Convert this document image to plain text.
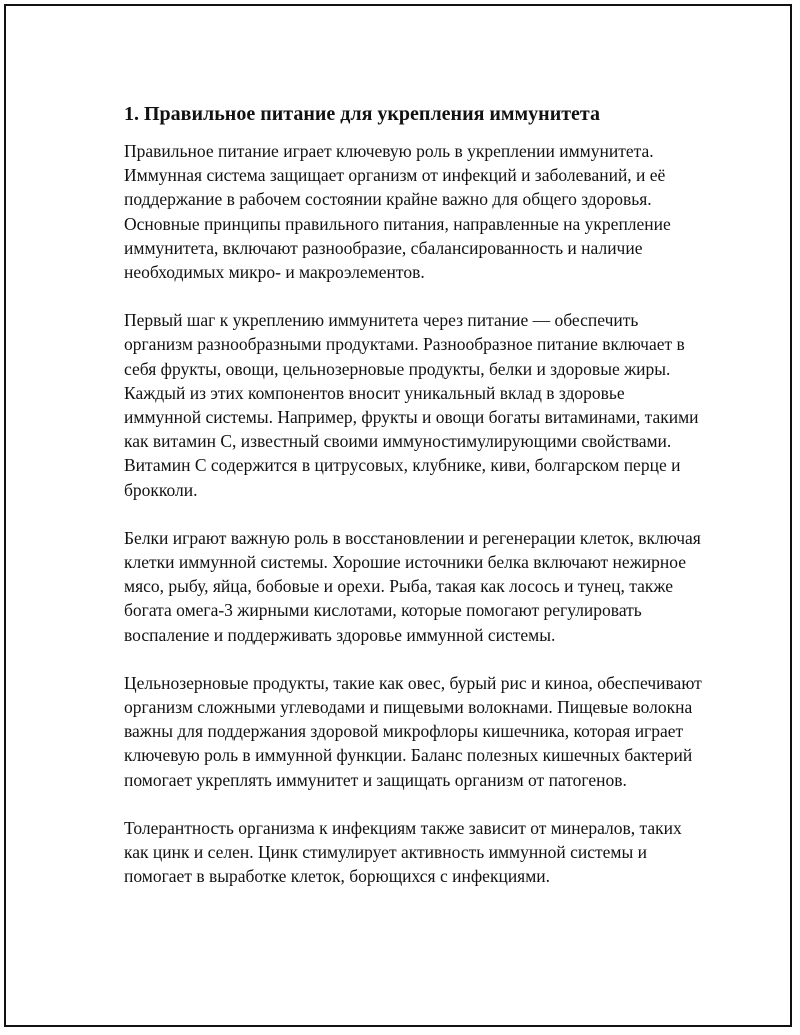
1. Правильное питание для укрепления иммунитета

Правильное питание играет ключевую роль в укреплении иммунитета. Иммунная система защищает организм от инфекций и заболеваний, и её поддержание в рабочем состоянии крайне важно для общего здоровья. Основные принципы правильного питания, направленные на укрепление иммунитета, включают разнообразие, сбалансированность и наличие необходимых микро- и макроэлементов.

Первый шаг к укреплению иммунитета через питание — обеспечить организм разнообразными продуктами. Разнообразное питание включает в себя фрукты, овощи, цельнозерновые продукты, белки и здоровые жиры. Каждый из этих компонентов вносит уникальный вклад в здоровье иммунной системы. Например, фрукты и овощи богаты витаминами, такими как витамин C, известный своими иммуностимулирующими свойствами. Витамин C содержится в цитрусовых, клубнике, киви, болгарском перце и брокколи.

Белки играют важную роль в восстановлении и регенерации клеток, включая клетки иммунной системы. Хорошие источники белка включают нежирное мясо, рыбу, яйца, бобовые и орехи. Рыба, такая как лосось и тунец, также богата омега-3 жирными кислотами, которые помогают регулировать воспаление и поддерживать здоровье иммунной системы.

Цельнозерновые продукты, такие как овес, бурый рис и киноа, обеспечивают организм сложными углеводами и пищевыми волокнами. Пищевые волокна важны для поддержания здоровой микрофлоры кишечника, которая играет ключевую роль в иммунной функции. Баланс полезных кишечных бактерий помогает укреплять иммунитет и защищать организм от патогенов.

Толерантность организма к инфекциям также зависит от минералов, таких как цинк и селен. Цинк стимулирует активность иммунной системы и помогает в выработке клеток, борющихся с инфекциями.
